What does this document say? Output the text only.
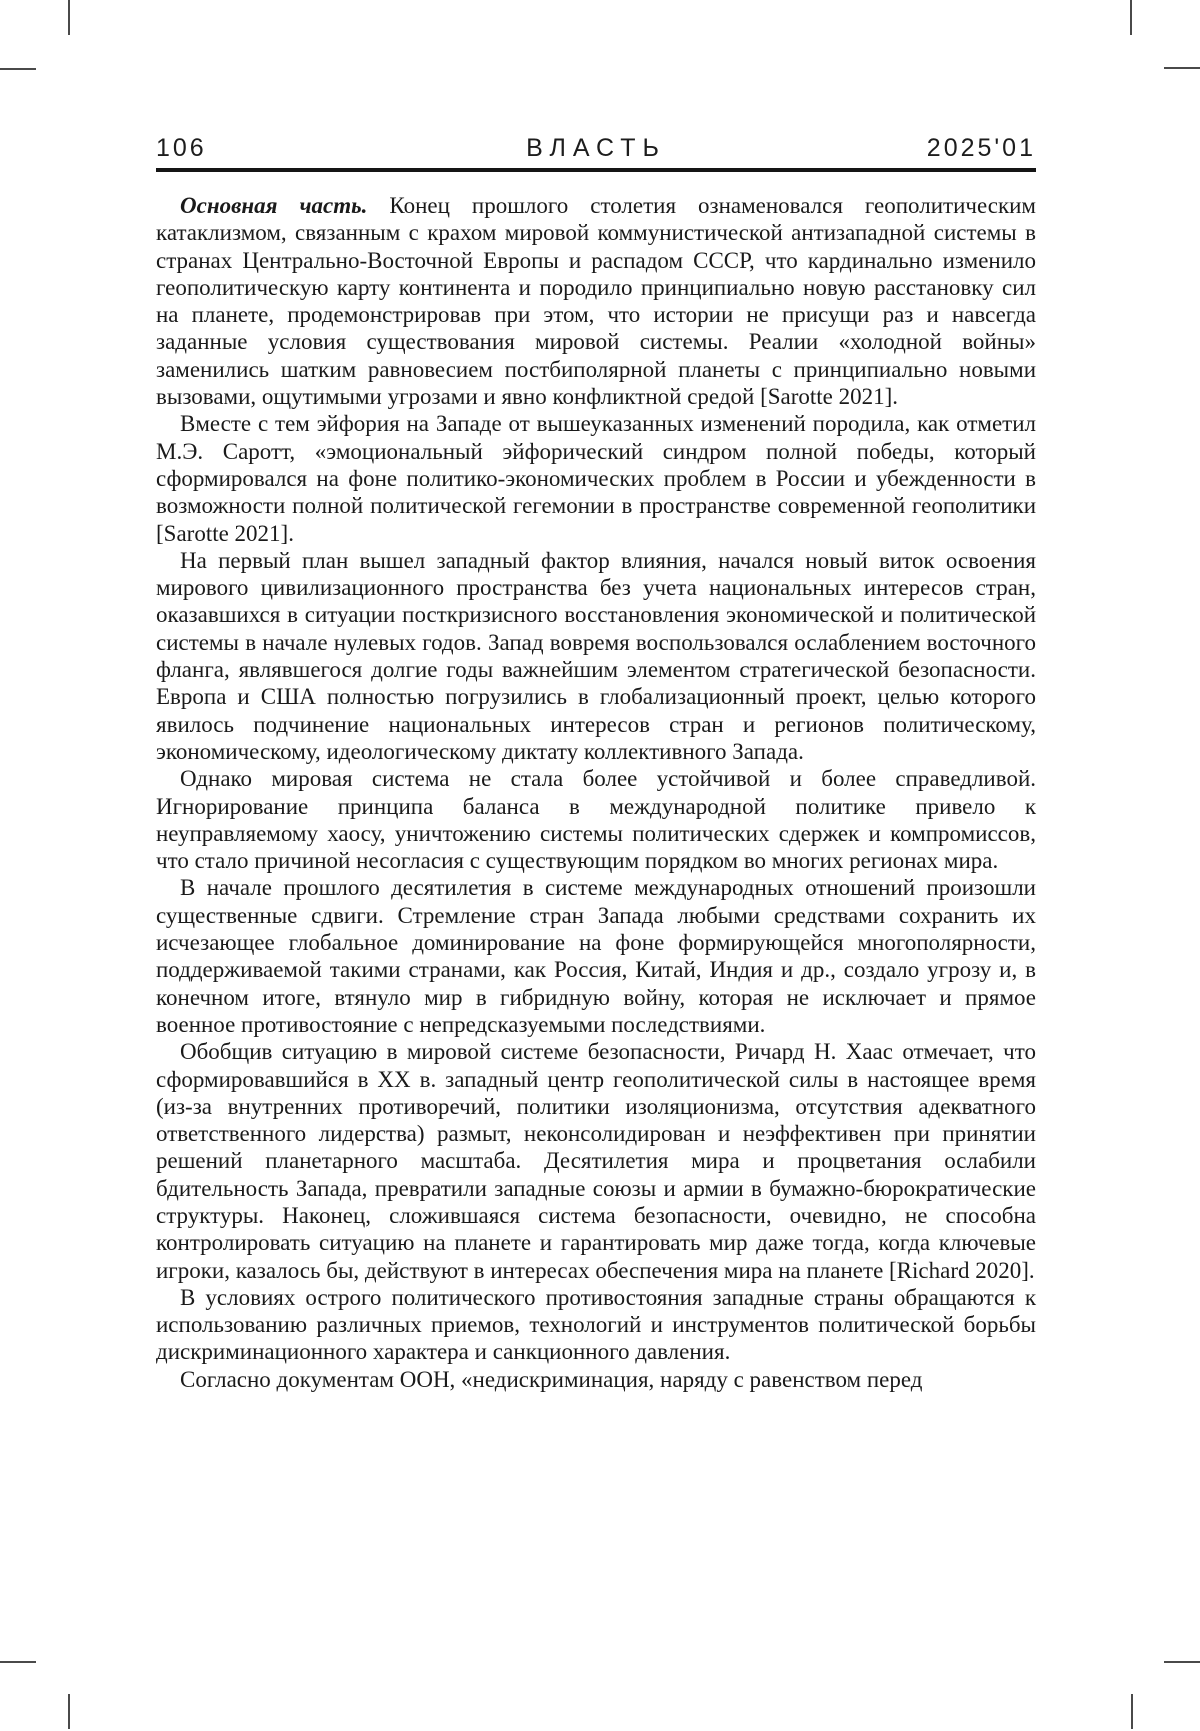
106	ВЛАСТЬ	2025'01

Основная часть. Конец прошлого столетия ознаменовался геополитическим катаклизмом, связанным с крахом мировой коммунистической антизападной системы в странах Центрально-Восточной Европы и распадом СССР, что кардинально изменило геополитическую карту континента и породило принципиально новую расстановку сил на планете, продемонстрировав при этом, что истории не присущи раз и навсегда заданные условия существования мировой системы. Реалии «холодной войны» заменились шатким равновесием постбиполярной планеты с принципиально новыми вызовами, ощутимыми угрозами и явно конфликтной средой [Sarotte 2021].

Вместе с тем эйфория на Западе от вышеуказанных изменений породила, как отметил М.Э. Саротт, «эмоциональный эйфорический синдром полной победы, который сформировался на фоне политико-экономических проблем в России и убежденности в возможности полной политической гегемонии в пространстве современной геополитики [Sarotte 2021].

На первый план вышел западный фактор влияния, начался новый виток освоения мирового цивилизационного пространства без учета национальных интересов стран, оказавшихся в ситуации посткризисного восстановления экономической и политической системы в начале нулевых годов. Запад вовремя воспользовался ослаблением восточного фланга, являвшегося долгие годы важнейшим элементом стратегической безопасности. Европа и США полностью погрузились в глобализационный проект, целью которого явилось подчинение национальных интересов стран и регионов политическому, экономическому, идеологическому диктату коллективного Запада.

Однако мировая система не стала более устойчивой и более справедливой. Игнорирование принципа баланса в международной политике привело к неуправляемому хаосу, уничтожению системы политических сдержек и компромиссов, что стало причиной несогласия с существующим порядком во многих регионах мира.

В начале прошлого десятилетия в системе международных отношений произошли существенные сдвиги. Стремление стран Запада любыми средствами сохранить их исчезающее глобальное доминирование на фоне формирующейся многополярности, поддерживаемой такими странами, как Россия, Китай, Индия и др., создало угрозу и, в конечном итоге, втянуло мир в гибридную войну, которая не исключает и прямое военное противостояние с непредсказуемыми последствиями.

Обобщив ситуацию в мировой системе безопасности, Ричард Н. Хаас отмечает, что сформировавшийся в XX в. западный центр геополитической силы в настоящее время (из-за внутренних противоречий, политики изоляционизма, отсутствия адекватного ответственного лидерства) размыт, неконсолидирован и неэффективен при принятии решений планетарного масштаба. Десятилетия мира и процветания ослабили бдительность Запада, превратили западные союзы и армии в бумажно-бюрократические структуры. Наконец, сложившаяся система безопасности, очевидно, не способна контролировать ситуацию на планете и гарантировать мир даже тогда, когда ключевые игроки, казалось бы, действуют в интересах обеспечения мира на планете [Richard 2020].

В условиях острого политического противостояния западные страны обращаются к использованию различных приемов, технологий и инструментов политической борьбы дискриминационного характера и санкционного давления.

Согласно документам ООН, «недискриминация, наряду с равенством перед
